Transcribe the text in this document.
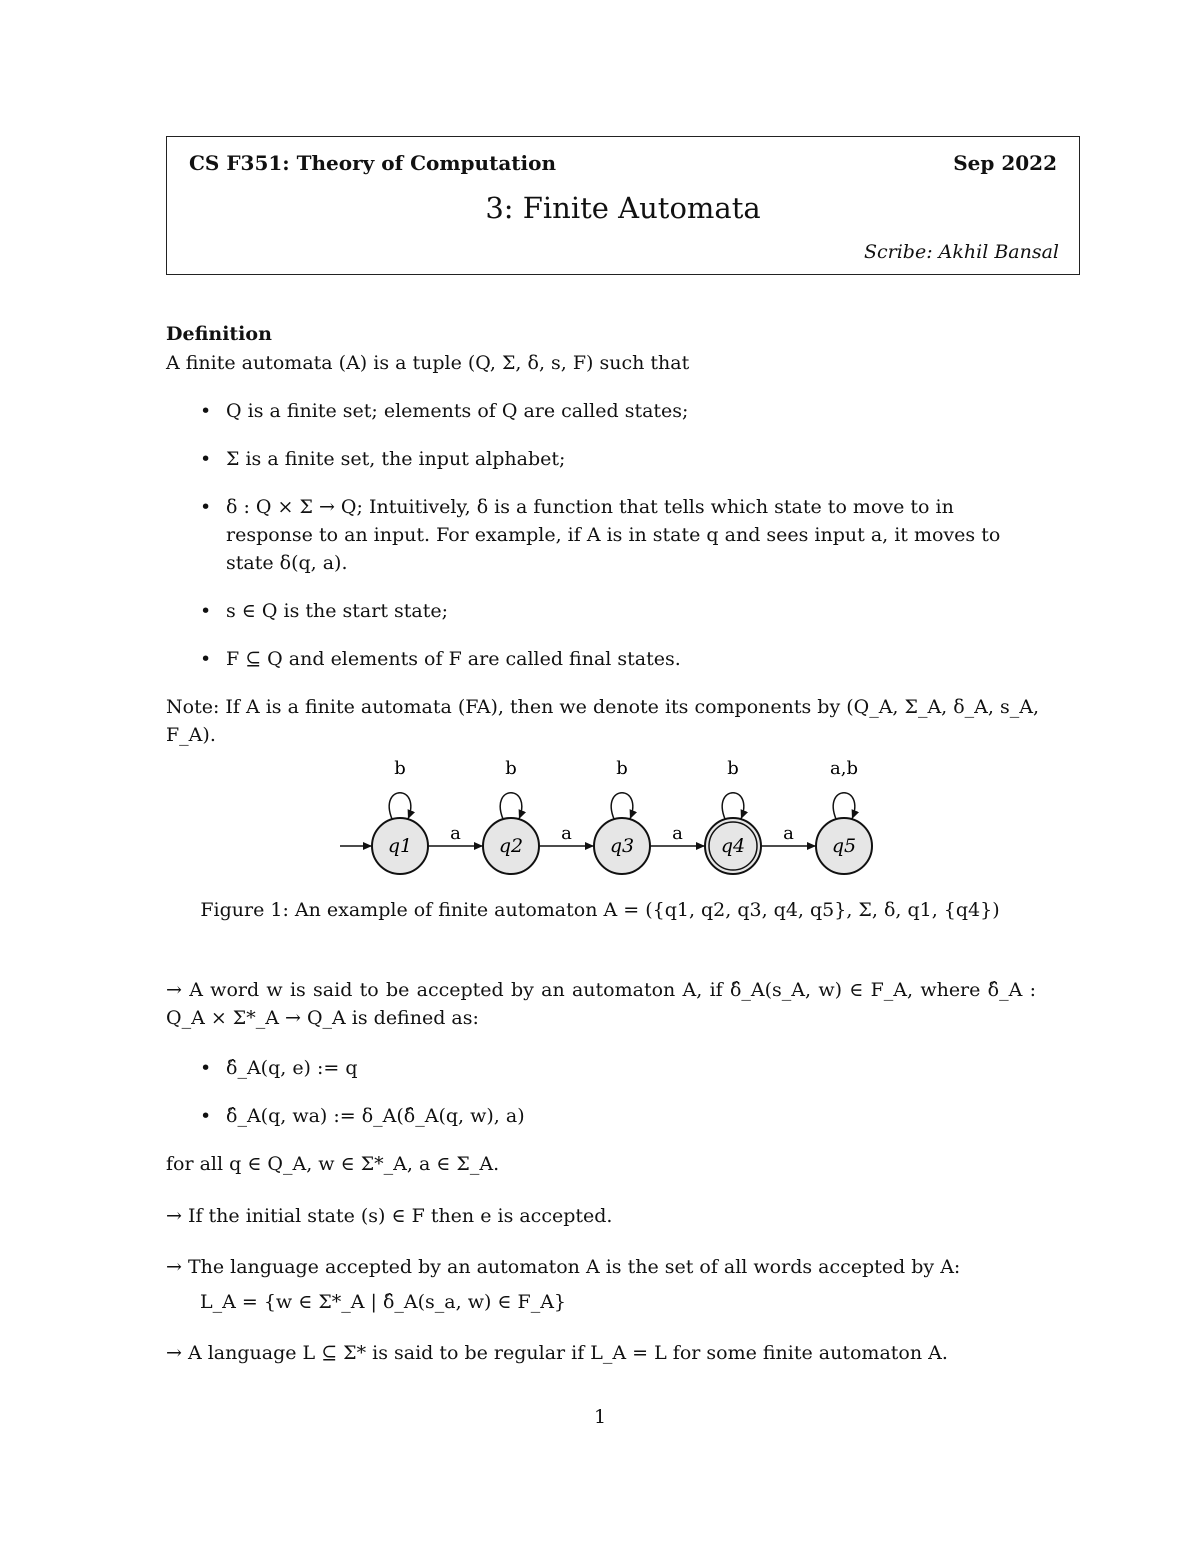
CS F351: Theory of Computation	Sep 2022
3: Finite Automata
Scribe: Akhil Bansal
Definition
A finite automata (A) is a tuple (Q, Σ, δ, s, F) such that
• Q is a finite set; elements of Q are called states;
• Σ is a finite set, the input alphabet;
• δ : Q × Σ → Q; Intuitively, δ is a function that tells which state to move to in response to an input. For example, if A is in state q and sees input a, it moves to state δ(q, a).
• s ∈ Q is the start state;
• F ⊆ Q and elements of F are called final states.
Note: If A is a finite automata (FA), then we denote its components by (Q_A, Σ_A, δ_A, s_A, F_A).
q1
b
a
q2
b
a
q3
b
a
q4
b
a
q5
a,b
Figure 1: An example of finite automaton A = ({q1, q2, q3, q4, q5}, Σ, δ, q1, {q4})
→ A word w is said to be accepted by an automaton A, if δ̂_A(s_A, w) ∈ F_A, where δ̂_A : Q_A × Σ*_A → Q_A is defined as:
• δ̂_A(q, e) := q
• δ̂_A(q, wa) := δ_A(δ̂_A(q, w), a)
for all q ∈ Q_A, w ∈ Σ*_A, a ∈ Σ_A.
→ If the initial state (s) ∈ F then e is accepted.
→ The language accepted by an automaton A is the set of all words accepted by A:
L_A = {w ∈ Σ*_A | δ̂_A(s_a, w) ∈ F_A}
→ A language L ⊆ Σ* is said to be regular if L_A = L for some finite automaton A.
1
